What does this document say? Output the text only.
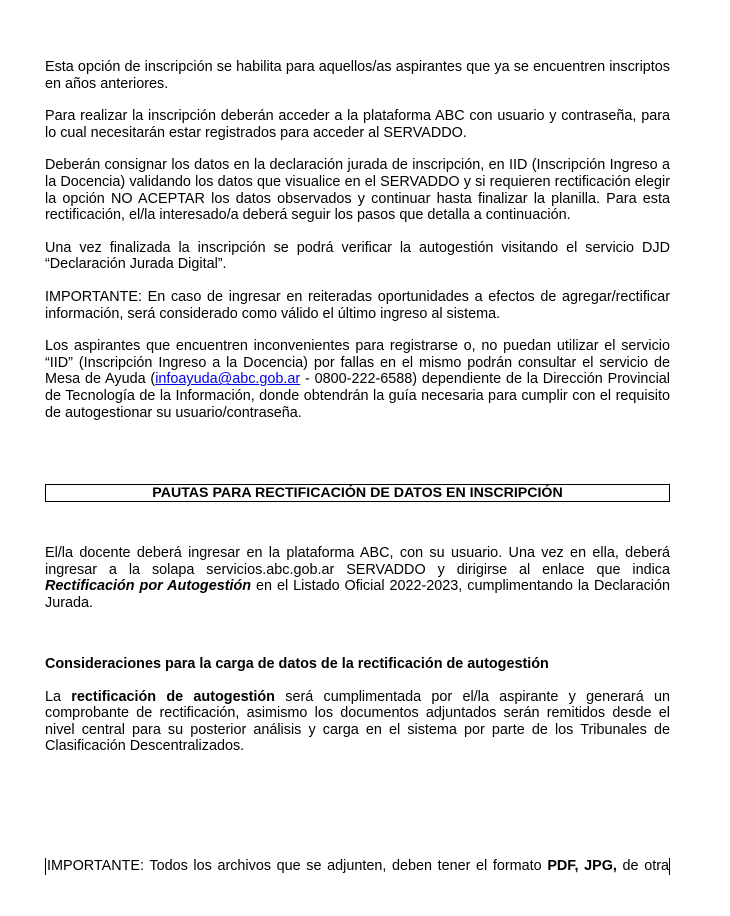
Esta opción de inscripción se habilita para aquellos/as aspirantes que ya se encuentren inscriptos en años anteriores.

Para realizar la inscripción deberán acceder a la plataforma ABC con usuario y contraseña, para lo cual necesitarán estar registrados para acceder al SERVADDO.

Deberán consignar los datos en la declaración jurada de inscripción, en IID (Inscripción Ingreso a la Docencia) validando los datos que visualice en el SERVADDO y si requieren rectificación elegir la opción NO ACEPTAR los datos observados y continuar hasta finalizar la planilla. Para esta rectificación, el/la interesado/a deberá seguir los pasos que detalla a continuación.

Una vez finalizada la inscripción se podrá verificar la autogestión visitando el servicio DJD “Declaración Jurada Digital”.

IMPORTANTE: En caso de ingresar en reiteradas oportunidades a efectos de agregar/rectificar información, será considerado como válido el último ingreso al sistema.

Los aspirantes que encuentren inconvenientes para registrarse o, no puedan utilizar el servicio “IID” (Inscripción Ingreso a la Docencia) por fallas en el mismo podrán consultar el servicio de Mesa de Ayuda (infoayuda@abc.gob.ar - 0800-222-6588) dependiente de la Dirección Provincial de Tecnología de la Información, donde obtendrán la guía necesaria para cumplir con el requisito de autogestionar su usuario/contraseña.

PAUTAS PARA RECTIFICACIÓN DE DATOS EN INSCRIPCIÓN

El/la docente deberá ingresar en la plataforma ABC, con su usuario. Una vez en ella, deberá ingresar a la solapa servicios.abc.gob.ar SERVADDO y dirigirse al enlace que indica Rectificación por Autogestión en el Listado Oficial 2022-2023, cumplimentando la Declaración Jurada.

Consideraciones para la carga de datos de la rectificación de autogestión

La rectificación de autogestión será cumplimentada por el/la aspirante y generará un comprobante de rectificación, asimismo los documentos adjuntados serán remitidos desde el nivel central para su posterior análisis y carga en el sistema por parte de los Tribunales de Clasificación Descentralizados.

IMPORTANTE: Todos los archivos que se adjunten, deben tener el formato PDF, JPG, de otra
